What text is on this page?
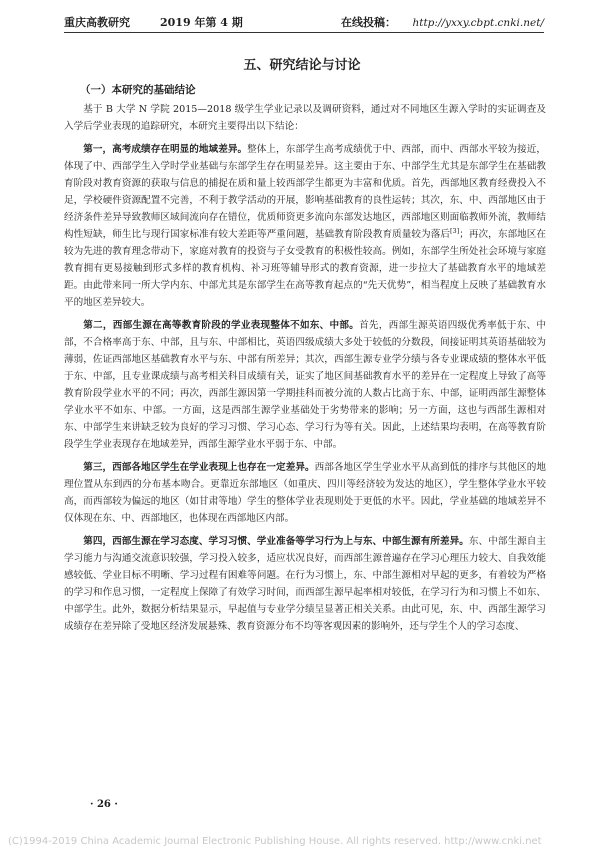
重庆高教研究	2019 年第 4 期	在线投稿： http://yxxy.cbpt.cnki.net/
五、研究结论与讨论
（一）本研究的基础结论

基于 B 大学 N 学院 2015—2018 级学生学业记录以及调研资料，通过对不同地区生源入学时的实证调查及入学后学业表现的追踪研究，本研究主要得出以下结论：

第一，高考成绩存在明显的地域差异。整体上，东部学生高考成绩优于中、西部，而中、西部水平较为接近，体现了中、西部学生入学时学业基础与东部学生存在明显差异。这主要由于东、中部学生尤其是东部学生在基础教育阶段对教育资源的获取与信息的捕捉在质和量上较西部学生都更为丰富和优质。首先，西部地区教育经费投入不足，学校硬件资源配置不完善，不利于教学活动的开展，影响基础教育的良性运转；其次，东、中、西部地区由于经济条件差异导致教师区域间流向存在错位，优质师资更多流向东部发达地区，西部地区则面临教师外流，教师结构性短缺，师生比与现行国家标准有较大差距等严重问题，基础教育阶段教育质量较为落后[3]；再次，东部地区在较为先进的教育理念带动下，家庭对教育的投资与子女受教育的积极性较高。例如，东部学生所处社会环境与家庭教育拥有更易接触到形式多样的教育机构、补习班等辅导形式的教育资源，进一步拉大了基础教育水平的地域差距。由此带来同一所大学内东、中部尤其是东部学生在高等教育起点的“先天优势”，相当程度上反映了基础教育水平的地区差异较大。

第二，西部生源在高等教育阶段的学业表现整体不如东、中部。首先，西部生源英语四级优秀率低于东、中部，不合格率高于东、中部，且与东、中部相比，英语四级成绩大多处于较低的分数段，间接证明其英语基础较为薄弱，佐证西部地区基础教育水平与东、中部有所差异；其次，西部生源专业学分绩与各专业课成绩的整体水平低于东、中部，且专业课成绩与高考相关科目成绩有关，证实了地区间基础教育水平的差异在一定程度上导致了高等教育阶段学业水平的不同；再次，西部生源因第一学期挂科而被分流的人数占比高于东、中部，证明西部生源整体学业水平不如东、中部。一方面，这是西部生源学业基础处于劣势带来的影响；另一方面，这也与西部生源相对东、中部学生来讲缺乏较为良好的学习习惯、学习心态、学习行为等有关。因此，上述结果均表明，在高等教育阶段学生学业表现存在地域差异，西部生源学业水平弱于东、中部。

第三，西部各地区学生在学业表现上也存在一定差异。西部各地区学生学业水平从高到低的排序与其他区的地理位置从东到西的分布基本吻合。更靠近东部地区（如重庆、四川等经济较为发达的地区），学生整体学业水平较高，而西部较为偏远的地区（如甘肃等地）学生的整体学业表现则处于更低的水平。因此，学业基础的地域差异不仅体现在东、中、西部地区，也体现在西部地区内部。

第四，西部生源在学习态度、学习习惯、学业准备等学习行为上与东、中部生源有所差异。东、中部生源自主学习能力与沟通交流意识较强，学习投入较多，适应状况良好，而西部生源普遍存在学习心理压力较大、自我效能感较低、学业目标不明晰、学习过程有困难等问题。在行为习惯上，东、中部生源相对早起的更多，有着较为严格的学习和作息习惯，一定程度上保障了有效学习时间，而西部生源早起率相对较低，在学习行为和习惯上不如东、中部学生。此外，数据分析结果显示，早起值与专业学分绩呈显著正相关关系。由此可见，东、中、西部生源学习成绩存在差异除了受地区经济发展悬殊、教育资源分布不均等客观因素的影响外，还与学生个人的学习态度、

· 26 ·
(C)1994-2019 China Academic Journal Electronic Publishing House. All rights reserved. http://www.cnki.net
